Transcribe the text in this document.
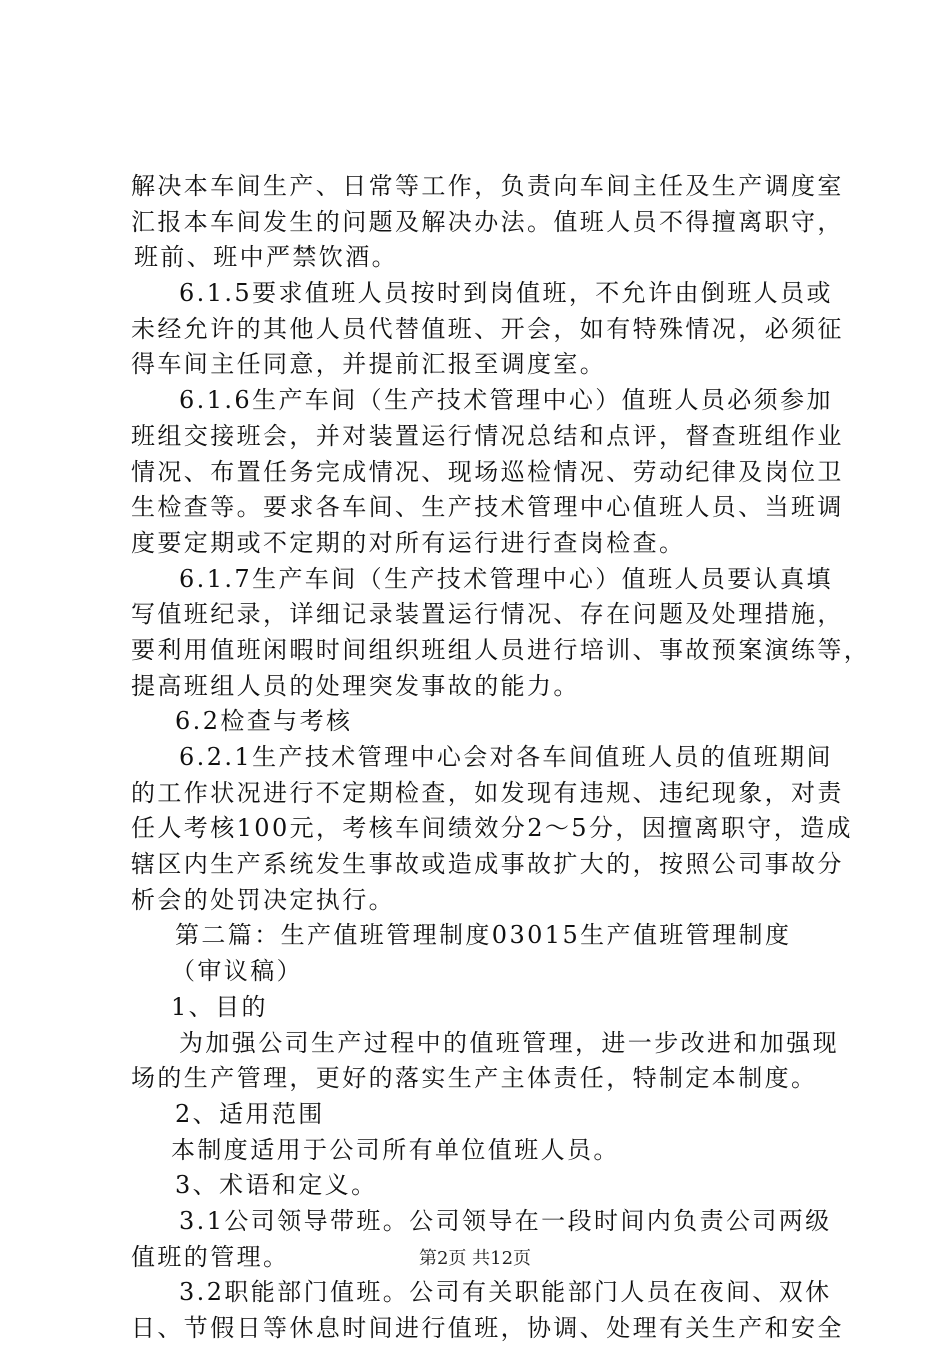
解决本车间生产、日常等工作，负责向车间主任及生产调度室
汇报本车间发生的问题及解决办法。值班人员不得擅离职守，
班前、班中严禁饮酒。
6.1.5要求值班人员按时到岗值班，不允许由倒班人员或
未经允许的其他人员代替值班、开会，如有特殊情况，必须征
得车间主任同意，并提前汇报至调度室。
6.1.6生产车间（生产技术管理中心）值班人员必须参加
班组交接班会，并对装置运行情况总结和点评，督查班组作业
情况、布置任务完成情况、现场巡检情况、劳动纪律及岗位卫
生检查等。要求各车间、生产技术管理中心值班人员、当班调
度要定期或不定期的对所有运行进行查岗检查。
6.1.7生产车间（生产技术管理中心）值班人员要认真填
写值班纪录，详细记录装置运行情况、存在问题及处理措施，
要利用值班闲暇时间组织班组人员进行培训、事故预案演练等，
提高班组人员的处理突发事故的能力。
6.2检查与考核
6.2.1生产技术管理中心会对各车间值班人员的值班期间
的工作状况进行不定期检查，如发现有违规、违纪现象，对责
任人考核100元，考核车间绩效分2～5分，因擅离职守，造成
辖区内生产系统发生事故或造成事故扩大的，按照公司事故分
析会的处罚决定执行。
第二篇：生产值班管理制度03015生产值班管理制度
（审议稿）
1、目的
为加强公司生产过程中的值班管理，进一步改进和加强现
场的生产管理，更好的落实生产主体责任，特制定本制度。
2、适用范围
本制度适用于公司所有单位值班人员。
3、术语和定义。
3.1公司领导带班。公司领导在一段时间内负责公司两级
值班的管理。
3.2职能部门值班。公司有关职能部门人员在夜间、双休
日、节假日等休息时间进行值班，协调、处理有关生产和安全
第2页 共12页
